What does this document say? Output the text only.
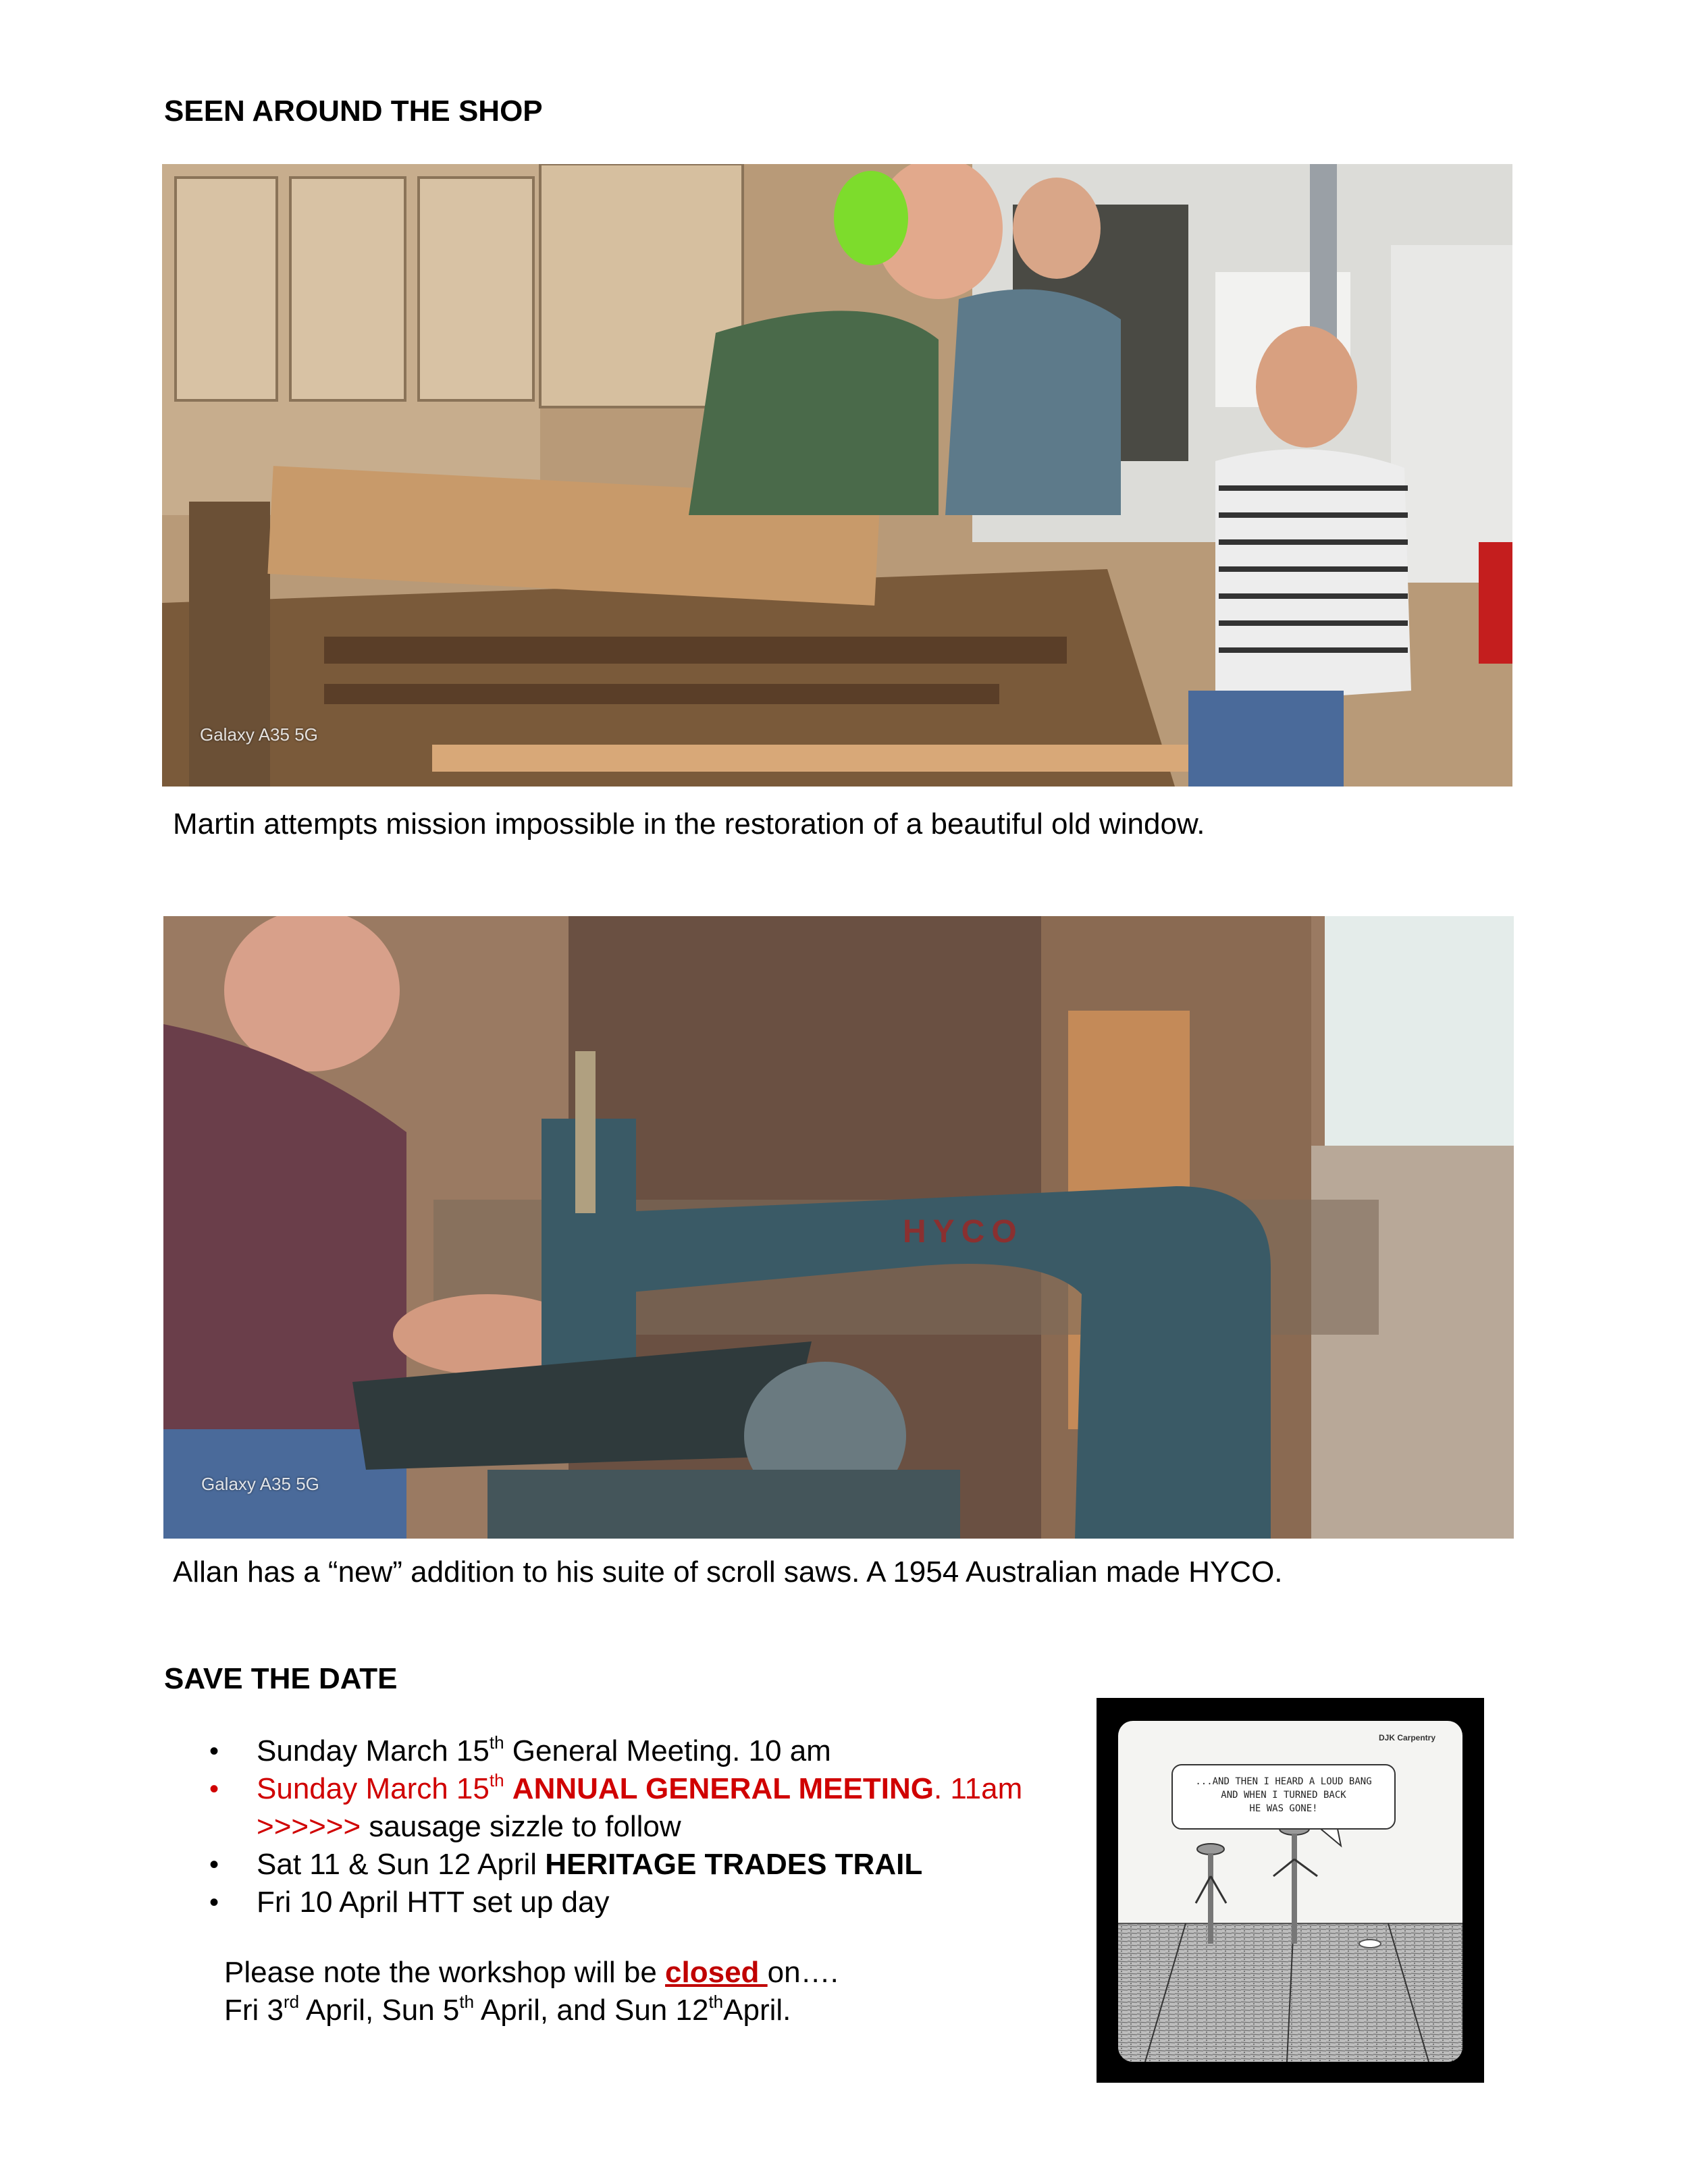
SEEN AROUND THE SHOP
Galaxy A35 5G
Martin attempts mission impossible in the restoration of a beautiful old window.
HYCO
Galaxy A35 5G
Allan has a “new” addition to his suite of scroll saws. A 1954 Australian made HYCO.
SAVE THE DATE
• Sunday March 15th General Meeting. 10 am
• Sunday March 15th ANNUAL GENERAL MEETING. 11am
>>>>>> sausage sizzle to follow
• Sat 11 & Sun 12 April HERITAGE TRADES TRAIL
• Fri 10 April HTT set up day
Please note the workshop will be closed on….
Fri 3rd April, Sun 5th April, and Sun 12thApril.
DJK Carpentry
...AND THEN I HEARD A LOUD BANG
AND WHEN I TURNED BACK
HE WAS GONE!
